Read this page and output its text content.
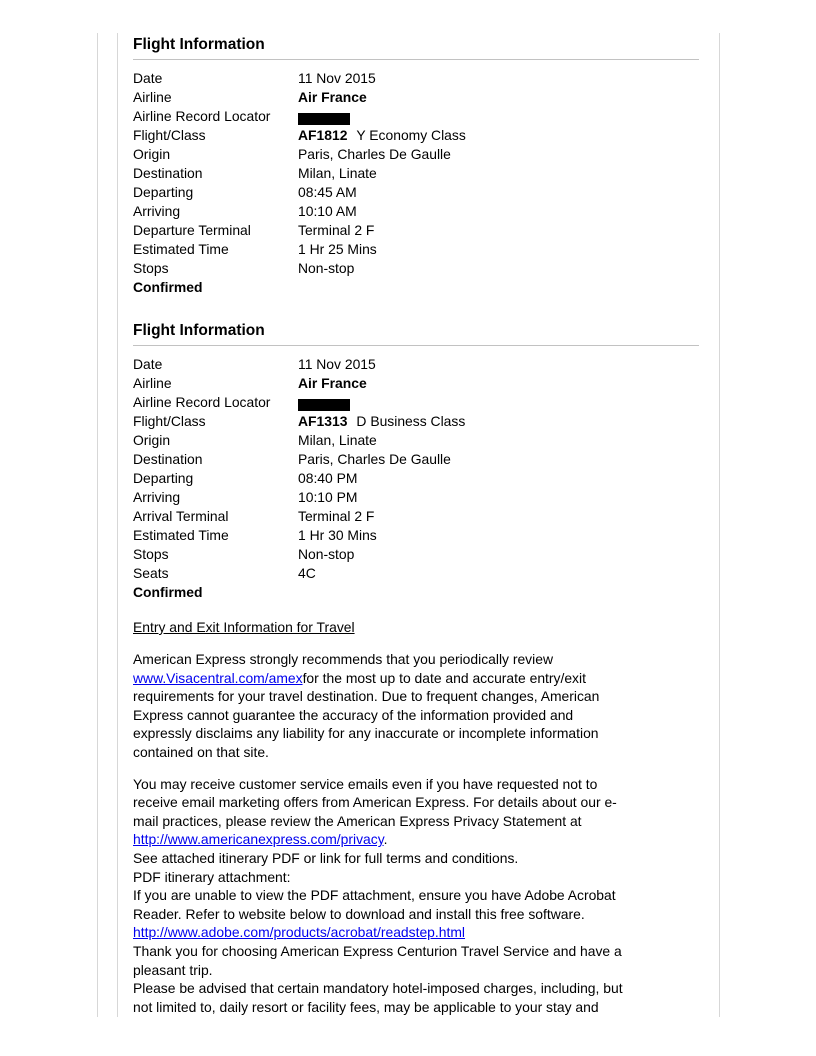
Flight Information
Date	11 Nov 2015
Airline	Air France
Airline Record Locator
Flight/Class	AF1812 Y Economy Class
Origin	Paris, Charles De Gaulle
Destination	Milan, Linate
Departing	08:45 AM
Arriving	10:10 AM
Departure Terminal	Terminal 2 F
Estimated Time	1 Hr 25 Mins
Stops	Non-stop
Confirmed
Flight Information
Date	11 Nov 2015
Airline	Air France
Airline Record Locator
Flight/Class	AF1313 D Business Class
Origin	Milan, Linate
Destination	Paris, Charles De Gaulle
Departing	08:40 PM
Arriving	10:10 PM
Arrival Terminal	Terminal 2 F
Estimated Time	1 Hr 30 Mins
Stops	Non-stop
Seats	4C
Confirmed
Entry and Exit Information for Travel
American Express strongly recommends that you periodically review
www.Visacentral.com/amexfor the most up to date and accurate entry/exit
requirements for your travel destination. Due to frequent changes, American
Express cannot guarantee the accuracy of the information provided and
expressly disclaims any liability for any inaccurate or incomplete information
contained on that site.
You may receive customer service emails even if you have requested not to
receive email marketing offers from American Express. For details about our e-
mail practices, please review the American Express Privacy Statement at
http://www.americanexpress.com/privacy.
See attached itinerary PDF or link for full terms and conditions.
PDF itinerary attachment:
If you are unable to view the PDF attachment, ensure you have Adobe Acrobat
Reader. Refer to website below to download and install this free software.
http://www.adobe.com/products/acrobat/readstep.html
Thank you for choosing American Express Centurion Travel Service and have a
pleasant trip.
Please be advised that certain mandatory hotel-imposed charges, including, but
not limited to, daily resort or facility fees, may be applicable to your stay and
